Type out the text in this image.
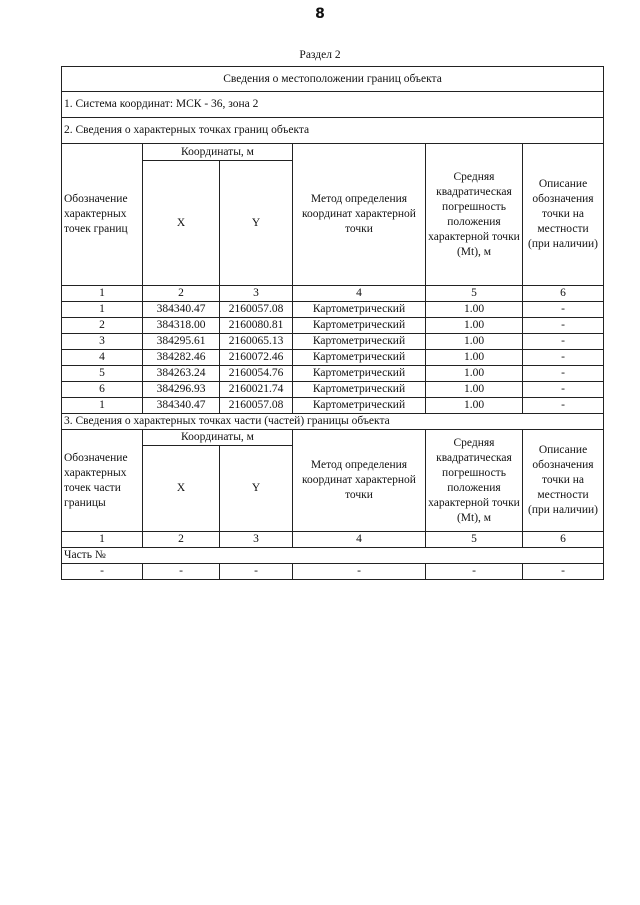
8
Раздел 2
Сведения о местоположении границ объекта					
1. Система координат: МСК - 36, зона 2					
2. Сведения о характерных точках границ объекта					
Обозначение характерных точек границ	Координаты, м		Метод определения координат характерной точки	Средняя квадратическая погрешность положения характерной точки (Mt), м	Описание обозначения точки на местности (при наличии)
	X	Y			
1	2	3	4	5	6
1	384340.47	2160057.08	Картометрический	1.00	-
2	384318.00	2160080.81	Картометрический	1.00	-
3	384295.61	2160065.13	Картометрический	1.00	-
4	384282.46	2160072.46	Картометрический	1.00	-
5	384263.24	2160054.76	Картометрический	1.00	-
6	384296.93	2160021.74	Картометрический	1.00	-
1	384340.47	2160057.08	Картометрический	1.00	-
3. Сведения о характерных точках части (частей) границы объекта					
Обозначение характерных точек части границы	Координаты, м		Метод определения координат характерной точки	Средняя квадратическая погрешность положения характерной точки (Mt), м	Описание обозначения точки на местности (при наличии)
	X	Y			
1	2	3	4	5	6
Часть №					
-	-	-	-	-	-
